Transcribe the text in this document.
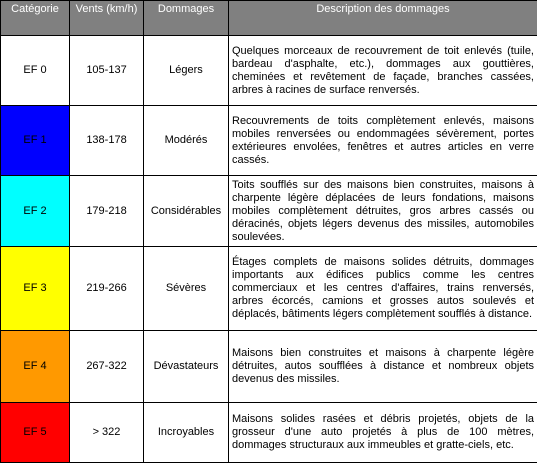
Catégorie	Vents (km/h)	Dommages	Description des dommages
EF 0	105-137	Légers	Quelques morceaux de recouvrement de toit enlevés (tuile, bardeau d'asphalte, etc.), dommages aux gouttières, cheminées et revêtement de façade, branches cassées, arbres à racines de surface renversés.
EF 1	138-178	Modérés	Recouvrements de toits complètement enlevés, maisons mobiles renversées ou endommagées sévèrement, portes extérieures envolées, fenêtres et autres articles en verre cassés.
EF 2	179-218	Considérables	Toits soufflés sur des maisons bien construites, maisons à charpente légère déplacées de leurs fondations, maisons mobiles complètement détruites, gros arbres cassés ou déracinés, objets légers devenus des missiles, automobiles soulevées.
EF 3	219-266	Sévères	Étages complets de maisons solides détruits, dommages importants aux édifices publics comme les centres commerciaux et les centres d'affaires, trains renversés, arbres écorcés, camions et grosses autos soulevés et déplacés, bâtiments légers complètement soufflés à distance.
EF 4	267-322	Dévastateurs	Maisons bien construites et maisons à charpente légère détruites, autos soufflées à distance et nombreux objets devenus des missiles.
EF 5	> 322	Incroyables	Maisons solides rasées et débris projetés, objets de la grosseur d'une auto projetés à plus de 100 mètres, dommages structuraux aux immeubles et gratte-ciels, etc.
